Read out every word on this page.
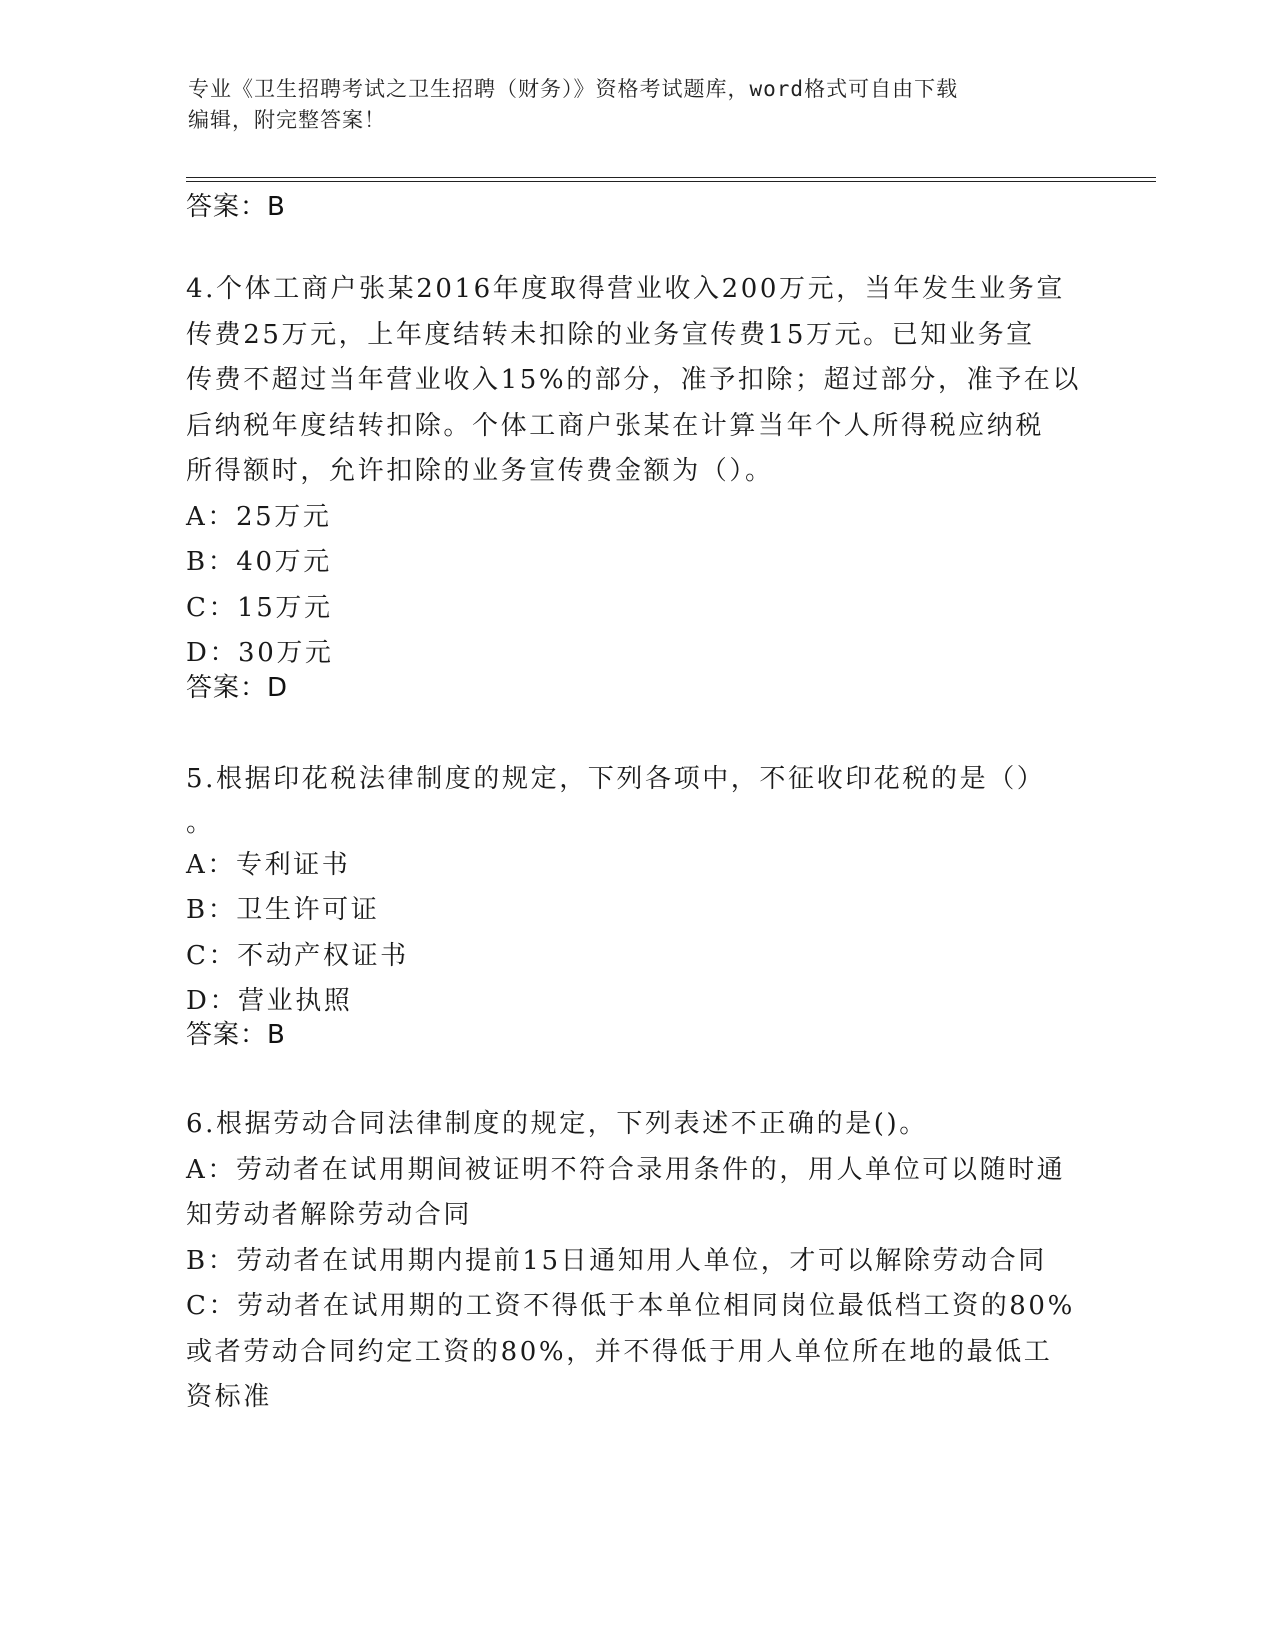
专业《卫生招聘考试之卫生招聘（财务）》资格考试题库，word格式可自由下载
编辑，附完整答案！
答案：B

4.个体工商户张某2016年度取得营业收入200万元，当年发生业务宣

传费25万元，上年度结转未扣除的业务宣传费15万元。已知业务宣

传费不超过当年营业收入15%的部分，准予扣除；超过部分，准予在以

后纳税年度结转扣除。个体工商户张某在计算当年个人所得税应纳税

所得额时，允许扣除的业务宣传费金额为（）。

A：25万元
B：40万元
C：15万元
D：30万元
答案：D

5.根据印花税法律制度的规定，下列各项中，不征收印花税的是（）

。

A：专利证书
B：卫生许可证
C：不动产权证书
D：营业执照
答案：B

6.根据劳动合同法律制度的规定，下列表述不正确的是()。

A：劳动者在试用期间被证明不符合录用条件的，用人单位可以随时通
知劳动者解除劳动合同
B：劳动者在试用期内提前15日通知用人单位，才可以解除劳动合同
C：劳动者在试用期的工资不得低于本单位相同岗位最低档工资的80%
或者劳动合同约定工资的80%，并不得低于用人单位所在地的最低工
资标准
